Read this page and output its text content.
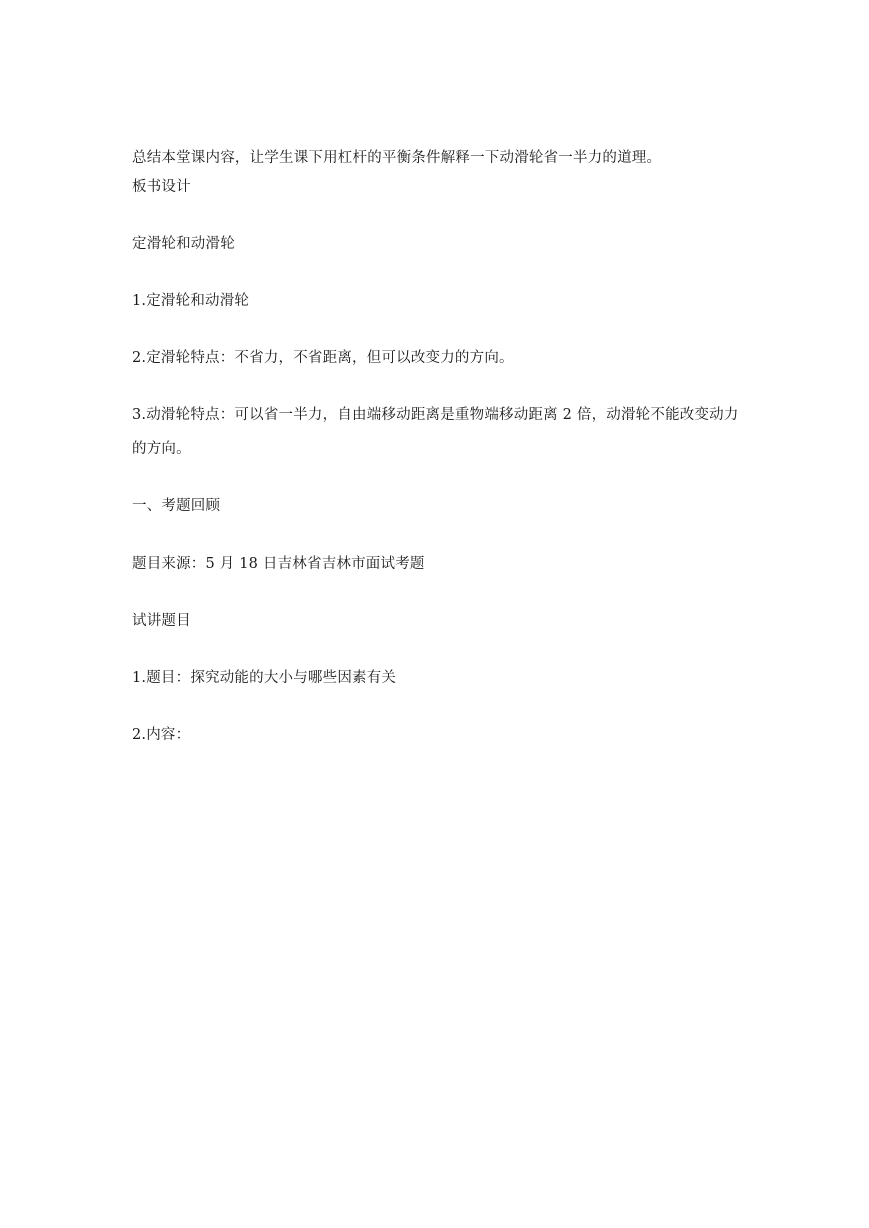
总结本堂课内容，让学生课下用杠杆的平衡条件解释一下动滑轮省一半力的道理。

板书设计

定滑轮和动滑轮

1.定滑轮和动滑轮

2.定滑轮特点：不省力，不省距离，但可以改变力的方向。

3.动滑轮特点：可以省一半力，自由端移动距离是重物端移动距离 2 倍，动滑轮不能改变动力的方向。

一、考题回顾

题目来源：5 月 18 日吉林省吉林市面试考题

试讲题目

1.题目：探究动能的大小与哪些因素有关

2.内容：
